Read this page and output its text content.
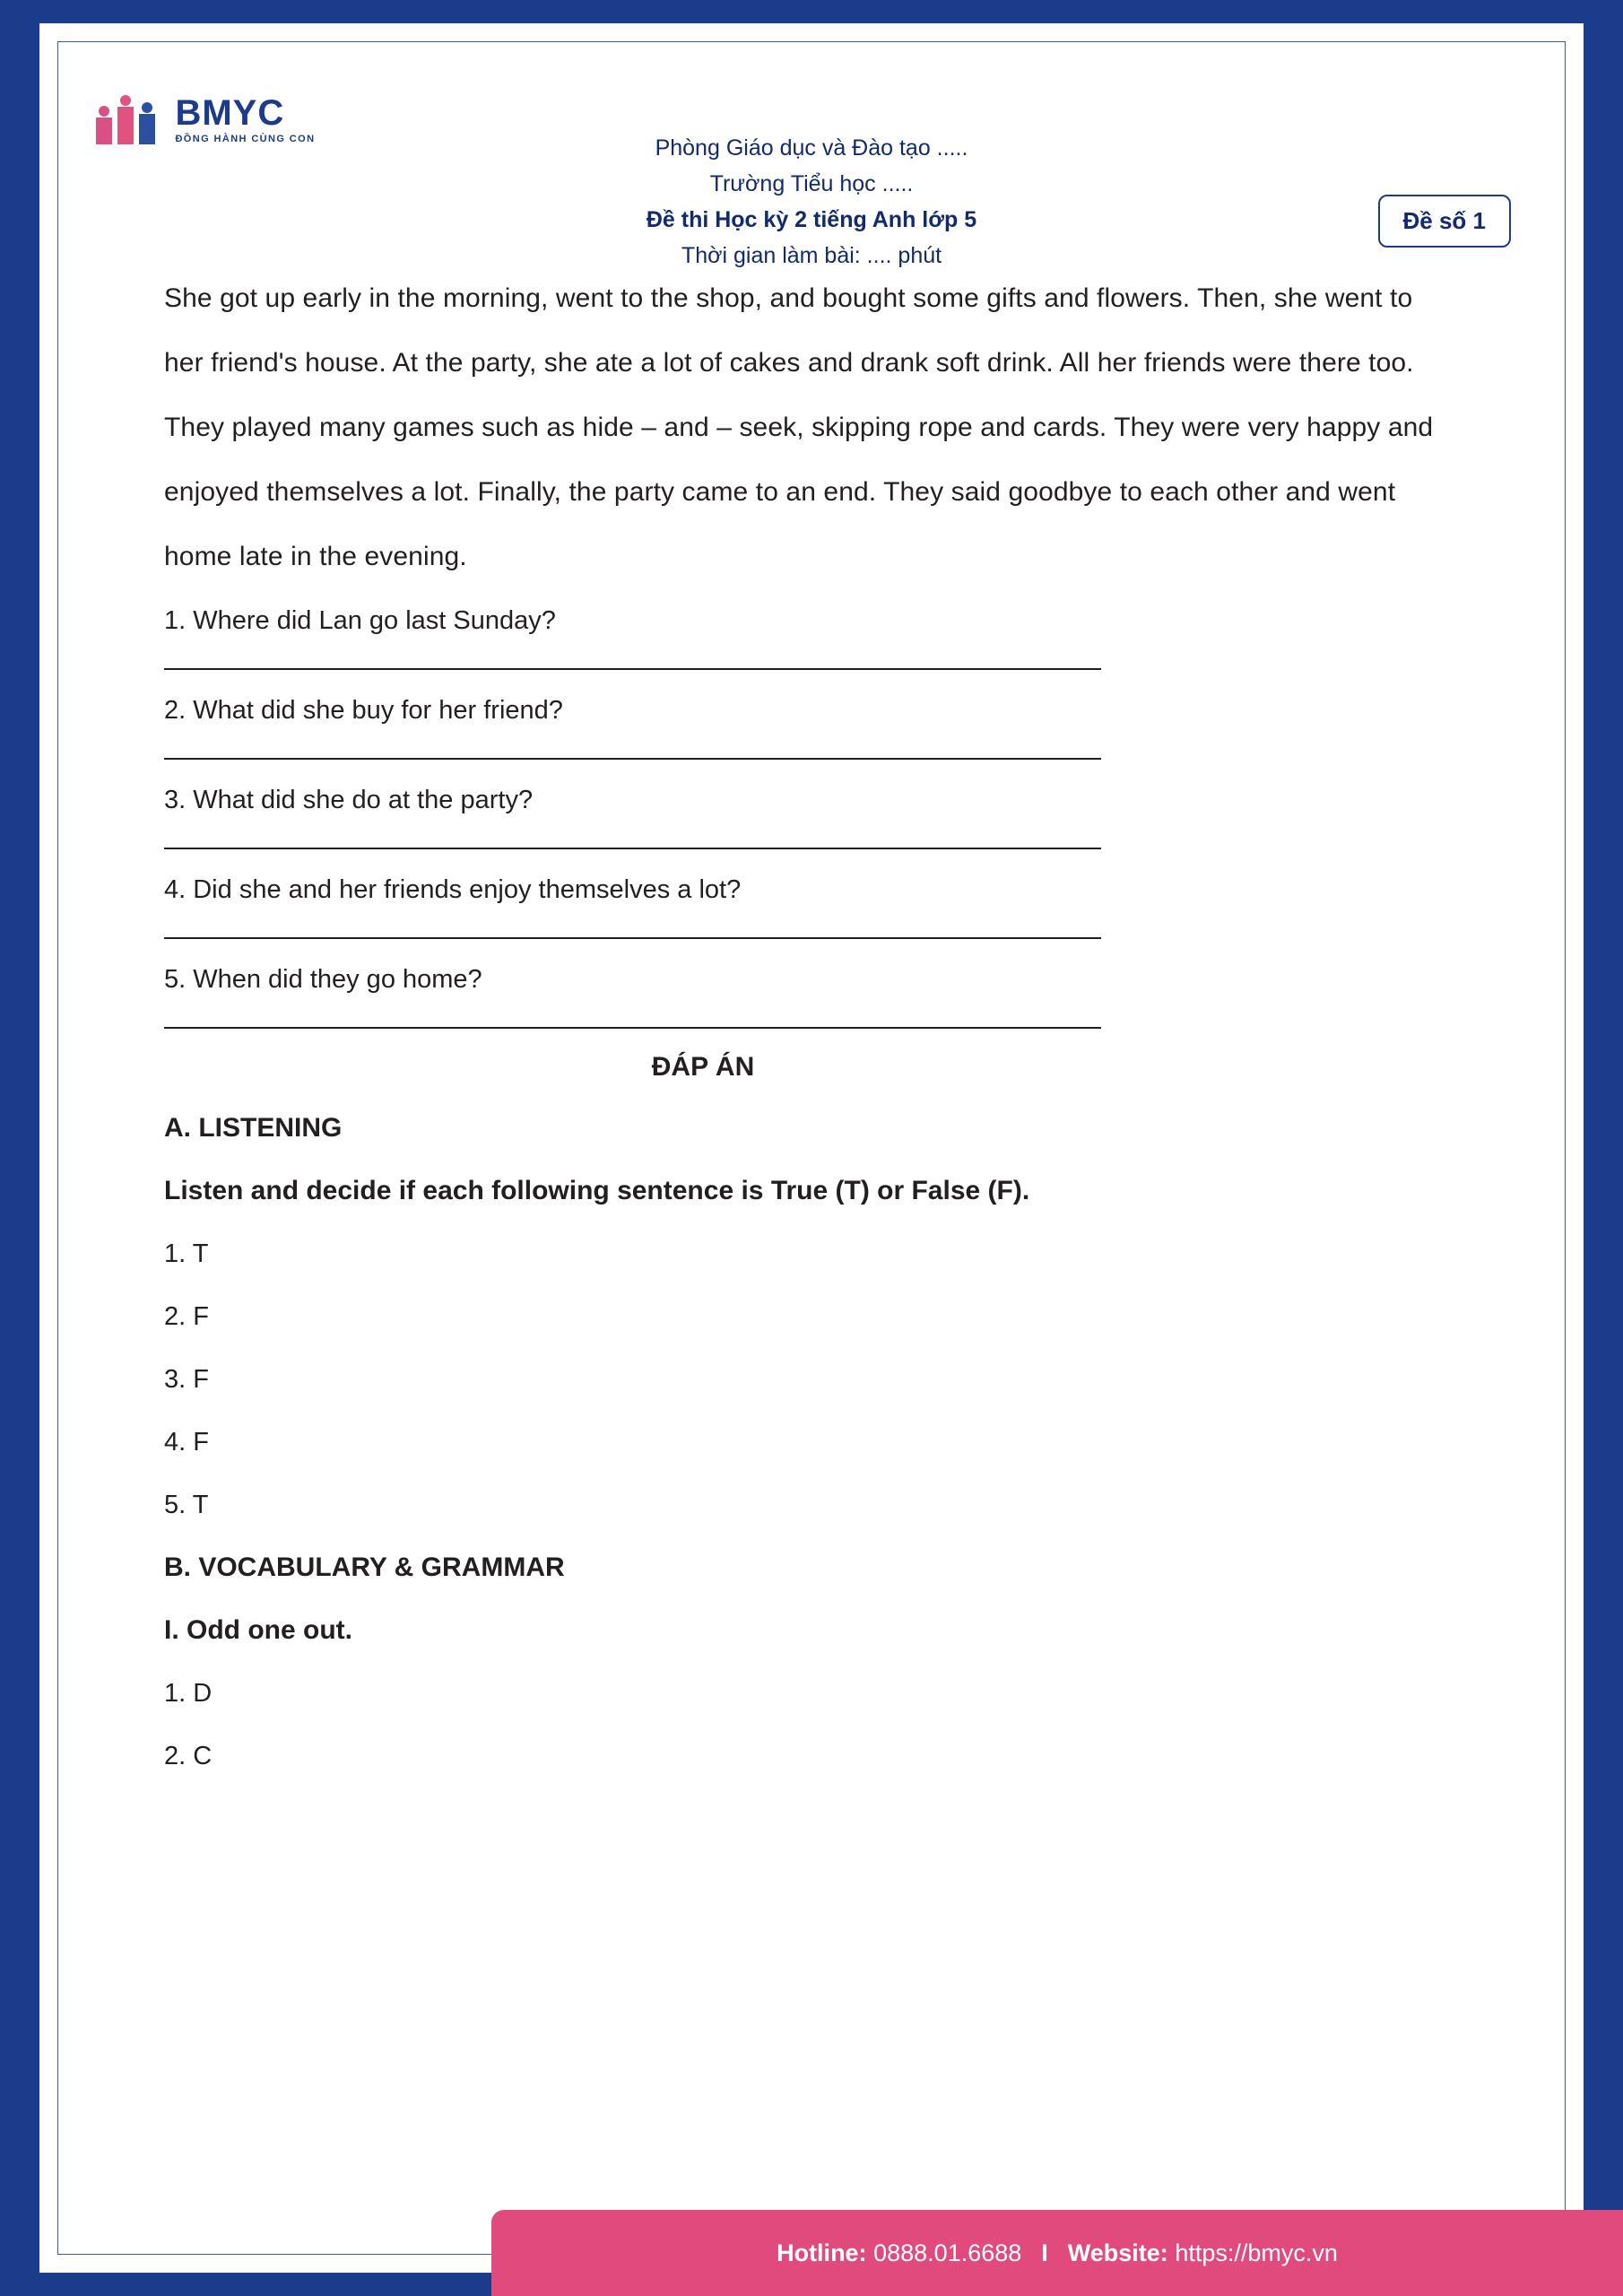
BMYC
ĐỒNG HÀNH CÙNG CON	Phòng Giáo dục và Đào tạo .....
Trường Tiểu học .....
Đề thi Học kỳ 2 tiếng Anh lớp 5
Thời gian làm bài: .... phút
Đề số 1
She got up early in the morning, went to the shop, and bought some gifts and flowers. Then, she went to her friend's house. At the party, she ate a lot of cakes and drank soft drink. All her friends were there too. They played many games such as hide – and – seek, skipping rope and cards. They were very happy and enjoyed themselves a lot. Finally, the party came to an end. They said goodbye to each other and went home late in the evening.
1. Where did Lan go last Sunday?
2. What did she buy for her friend?
3. What did she do at the party?
4. Did she and her friends enjoy themselves a lot?
5. When did they go home?
ĐÁP ÁN
A. LISTENING
Listen and decide if each following sentence is True (T) or False (F).
1. T
2. F
3. F
4. F
5. T
B. VOCABULARY & GRAMMAR
I. Odd one out.
1. D
2. C
Hotline:
0888.01.6688 I Website:
https://bmyc.vn
